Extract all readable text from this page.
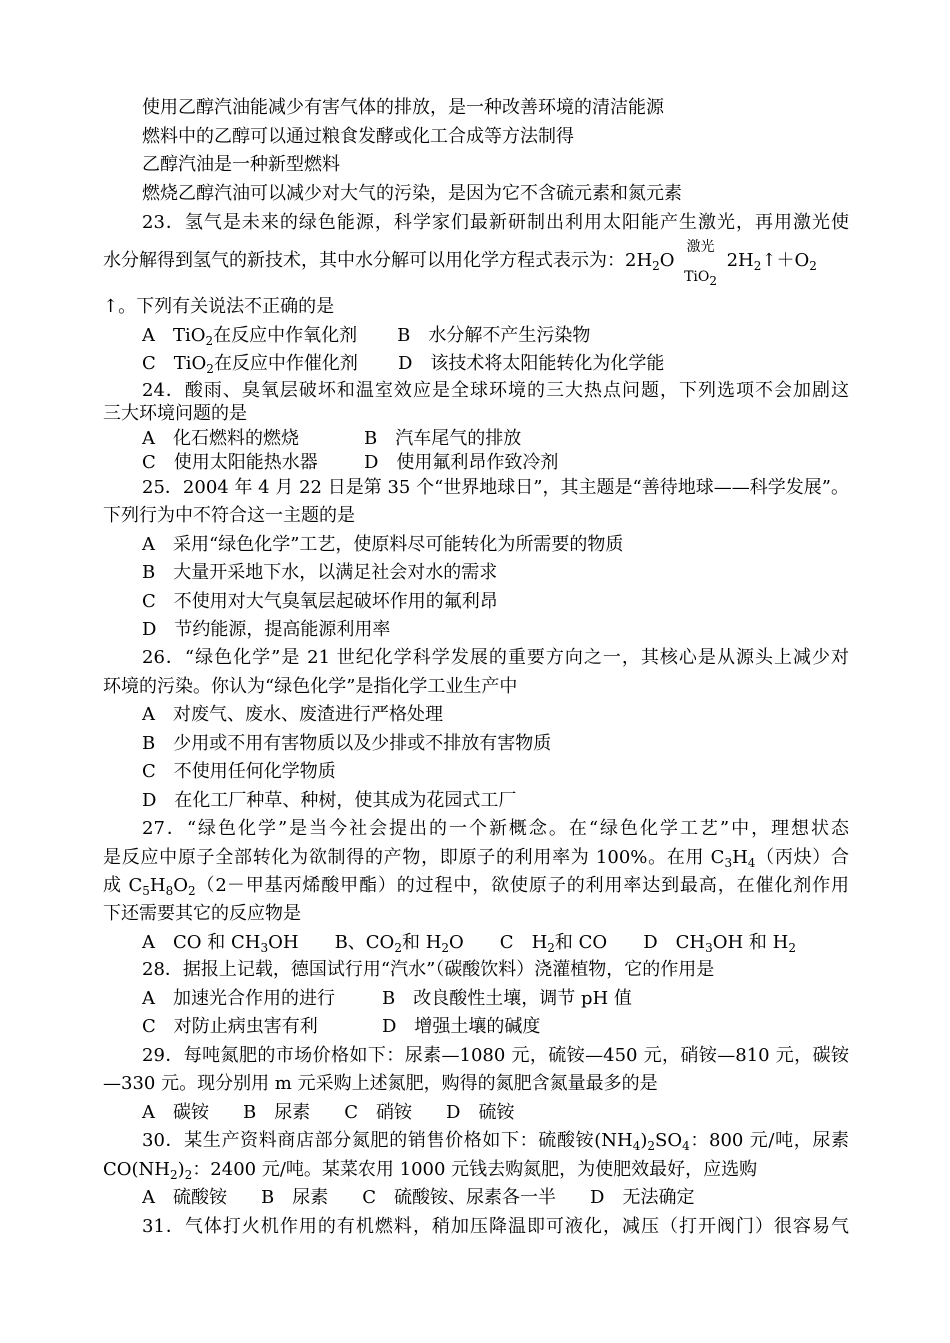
使用乙醇汽油能减少有害气体的排放，是一种改善环境的清洁能源
燃料中的乙醇可以通过粮食发酵或化工合成等方法制得
乙醇汽油是一种新型燃料
燃烧乙醇汽油可以减少对大气的污染，是因为它不含硫元素和氮元素
23．氢气是未来的绿色能源，科学家们最新研制出利用太阳能产生激光，再用激光使
水分解得到氢气的新技术，其中水分解可以用化学方程式表示为：$2H_2O$
激光
TiO$_2$
$2H_2↑+O_2$
↑。下列有关说法不正确的是
A　TiO$_2$在反应中作氧化剂 B　水分解不产生污染物
C　TiO$_2$在反应中作催化剂 D　该技术将太阳能转化为化学能
24．酸雨、臭氧层破坏和温室效应是全球环境的三大热点问题，下列选项不会加剧这
三大环境问题的是
A　化石燃料的燃烧	B　汽车尾气的排放
C　使用太阳能热水器	D　使用氟利昂作致冷剂
25．2004 年 4 月 22 日是第 35 个“世界地球日”，其主题是“善待地球——科学发展”。
下列行为中不符合这一主题的是
A　采用“绿色化学”工艺，使原料尽可能转化为所需要的物质
B　大量开采地下水，以满足社会对水的需求
C　不使用对大气臭氧层起破坏作用的氟利昂
D　节约能源，提高能源利用率
26．“绿色化学”是 21 世纪化学科学发展的重要方向之一，其核心是从源头上减少对
环境的污染。你认为“绿色化学”是指化学工业生产中
A　对废气、废水、废渣进行严格处理
B　少用或不用有害物质以及少排或不排放有害物质
C　不使用任何化学物质
D　在化工厂种草、种树，使其成为花园式工厂
27．“绿色化学”是当今社会提出的一个新概念。在“绿色化学工艺”中，理想状态
是反应中原子全部转化为欲制得的产物，即原子的利用率为 100%。在用 $C_3H_4$（丙炔）合
成 $C_5H_8O_2(2-$甲基丙烯酸甲酯）的过程中，欲使原子的利用率达到最高，在催化剂作用
下还需要其它的反应物是
A　CO 和 $CH_3OH$ B、$CO_2$和 $H_2O$ C　$H_2$和 CO D　$CH_3OH$ 和 $H_2$
28．据报上记载，德国试行用“汽水”（碳酸饮料）浇灌植物，它的作用是
A　加速光合作用的进行	B　改良酸性土壤，调节 pH 值
C　对防止病虫害有利	D　增强土壤的碱度
29．每吨氮肥的市场价格如下：尿素—1080 元，硫铵—450 元，硝铵—810 元，碳铵
—330 元。现分别用 m 元采购上述氮肥，购得的氮肥含氮量最多的是
A　碳铵 B　尿素 C　硝铵 D　硫铵
30．某生产资料商店部分氮肥的销售价格如下：硫酸铵$(NH_4)_2SO_4$：800 元/吨，尿素
$CO(NH_2)_2$：2400 元/吨。某菜农用 1000 元钱去购氮肥，为使肥效最好，应选购
A　硫酸铵 B　尿素 C　硫酸铵、尿素各一半 D　无法确定
31．气体打火机作用的有机燃料，稍加压降温即可液化，减压（打开阀门）很容易气
